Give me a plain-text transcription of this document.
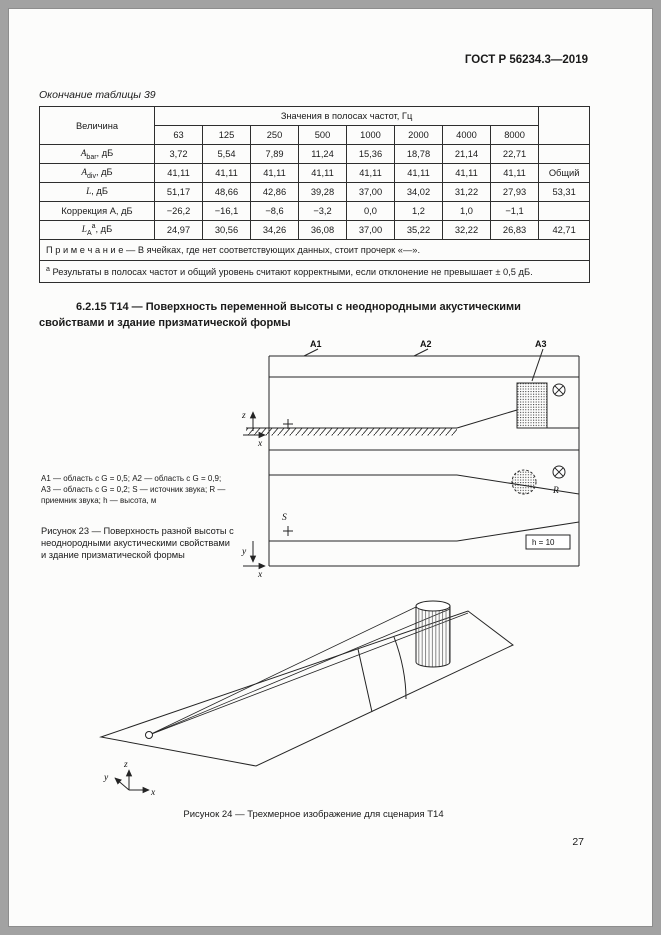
ГОСТ Р 56234.3—2019
Окончание таблицы 39
Величина	Значения в полосах частот, Гц								
	63	125	250	500	1000	2000	4000	8000	
$A_{bar}$, дБ	3,72	5,54	7,89	11,24	15,36	18,78	21,14	22,71	
$A_{div}$, дБ	41,11	41,11	41,11	41,11	41,11	41,11	41,11	41,11	Общий
L, дБ	51,17	48,66	42,86	39,28	37,00	34,02	31,22	27,93	53,31
Коррекция А, дБ	−26,2	−16,1	−8,6	−3,2	0,0	1,2	1,0	−1,1	
$L_A^а$, дБ	24,97	30,56	34,26	36,08	37,00	35,22	32,22	26,83	42,71
П р и м е ч а н и е — В ячейках, где нет соответствующих данных, стоит прочерк «—».									
$^а$ Результаты в полосах частот и общий уровень считают корректными, если отклонение не превышает ± 0,5 дБ.									
6.2.15 Т14 — Поверхность переменной высоты с неоднородными акустическими свойствами и здание призматической формы
А1	А2	А3
z
x
R
S
h = 10
y
x
А1 — область с G = 0,5; А2 — область с G = 0,9; А3 — область с G = 0,2; S — источник звука; R — приемник звука; h — высота, м
Рисунок 23 — Поверхность разной высоты с неоднородными акустическими свойствами и здание призматической формы
z
y
x
Рисунок 24 — Трехмерное изображение для сценария Т14
27
